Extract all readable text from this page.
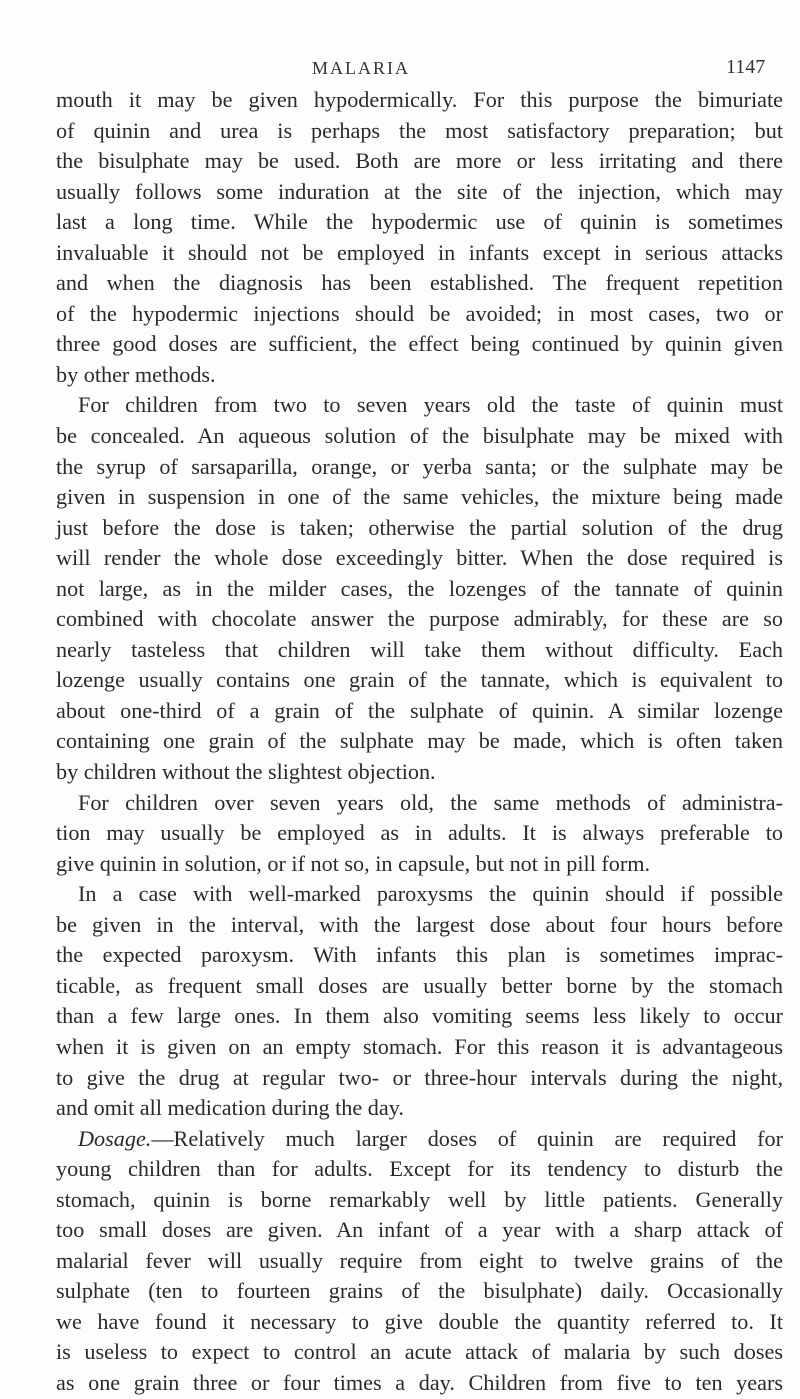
MALARIA	1147
mouth it may be given hypodermically. For this purpose the bimuriate
of quinin and urea is perhaps the most satisfactory preparation; but
the bisulphate may be used. Both are more or less irritating and there
usually follows some induration at the site of the injection, which may
last a long time. While the hypodermic use of quinin is sometimes
invaluable it should not be employed in infants except in serious attacks
and when the diagnosis has been established. The frequent repetition
of the hypodermic injections should be avoided; in most cases, two or
three good doses are sufficient, the effect being continued by quinin given
by other methods.
For children from two to seven years old the taste of quinin must
be concealed. An aqueous solution of the bisulphate may be mixed with
the syrup of sarsaparilla, orange, or yerba santa; or the sulphate may be
given in suspension in one of the same vehicles, the mixture being made
just before the dose is taken; otherwise the partial solution of the drug
will render the whole dose exceedingly bitter. When the dose required is
not large, as in the milder cases, the lozenges of the tannate of quinin
combined with chocolate answer the purpose admirably, for these are so
nearly tasteless that children will take them without difficulty. Each
lozenge usually contains one grain of the tannate, which is equivalent to
about one-third of a grain of the sulphate of quinin. A similar lozenge
containing one grain of the sulphate may be made, which is often taken
by children without the slightest objection.
For children over seven years old, the same methods of administra-
tion may usually be employed as in adults. It is always preferable to
give quinin in solution, or if not so, in capsule, but not in pill form.
In a case with well-marked paroxysms the quinin should if possible
be given in the interval, with the largest dose about four hours before
the expected paroxysm. With infants this plan is sometimes imprac-
ticable, as frequent small doses are usually better borne by the stomach
than a few large ones. In them also vomiting seems less likely to occur
when it is given on an empty stomach. For this reason it is advantageous
to give the drug at regular two- or three-hour intervals during the night,
and omit all medication during the day.
Dosage.—Relatively much larger doses of quinin are required for
young children than for adults. Except for its tendency to disturb the
stomach, quinin is borne remarkably well by little patients. Generally
too small doses are given. An infant of a year with a sharp attack of
malarial fever will usually require from eight to twelve grains of the
sulphate (ten to fourteen grains of the bisulphate) daily. Occasionally
we have found it necessary to give double the quantity referred to. It
is useless to expect to control an acute attack of malaria by such doses
as one grain three or four times a day. Children from five to ten years
